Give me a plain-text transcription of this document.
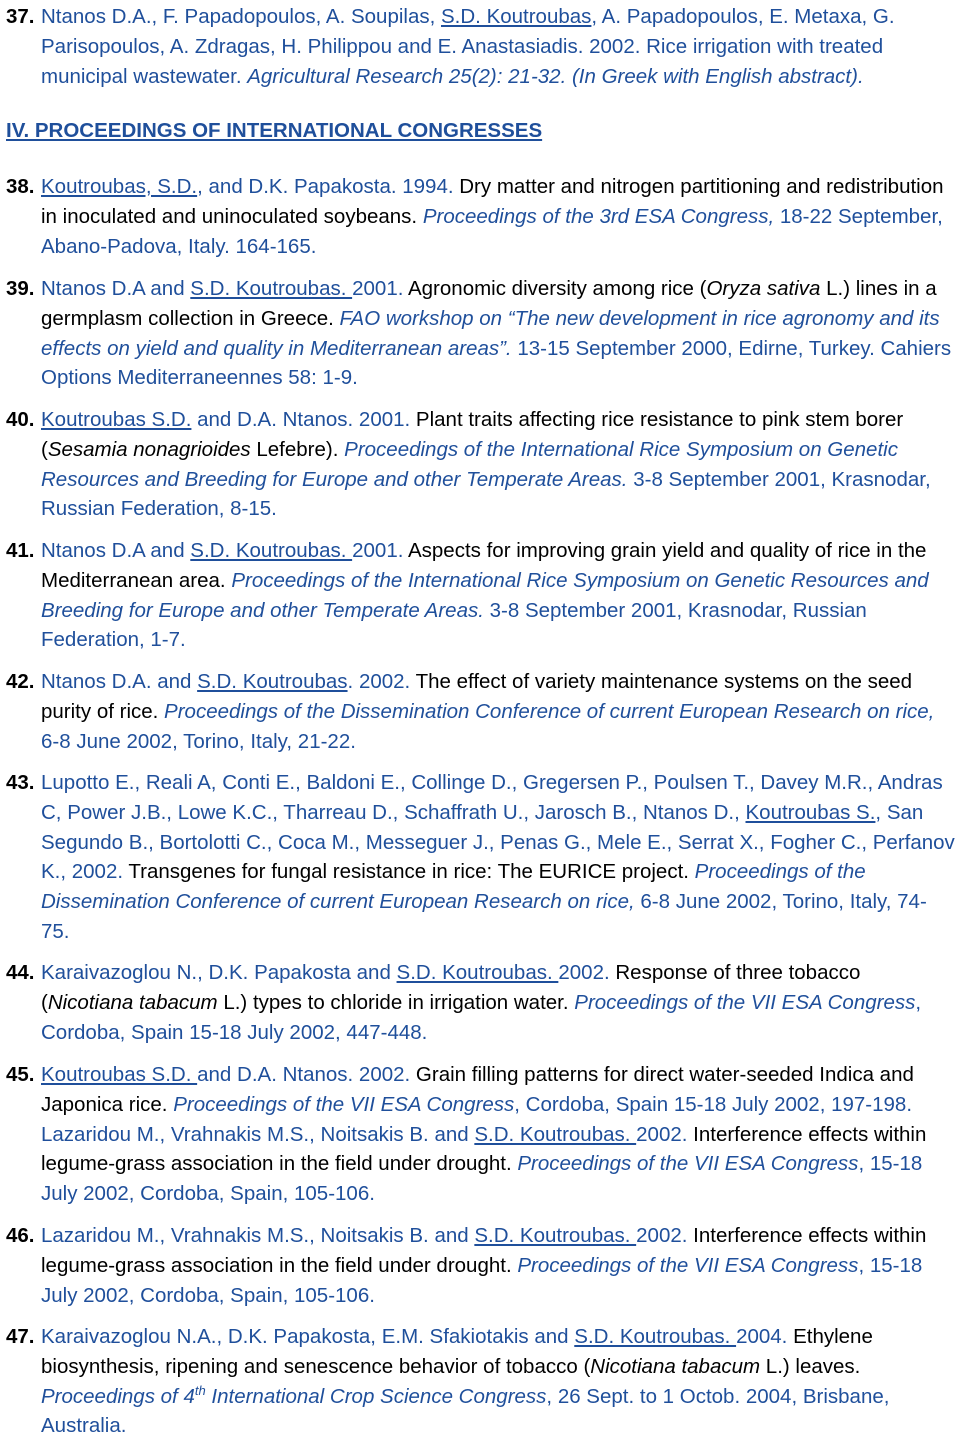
37. Ntanos D.A., F. Papadopoulos, A. Soupilas, S.D. Koutroubas, A. Papadopoulos, E. Metaxa, G. Parisopoulos, A. Zdragas, H. Philippou and E. Anastasiadis. 2002. Rice irrigation with treated municipal wastewater. Agricultural Research 25(2): 21-32. (In Greek with English abstract).
IV. PROCEEDINGS OF INTERNATIONAL CONGRESSES
38. Koutroubas, S.D., and D.K. Papakosta. 1994. Dry matter and nitrogen partitioning and redistribution in inoculated and uninoculated soybeans. Proceedings of the 3rd ESA Congress, 18-22 September, Abano-Padova, Italy. 164-165.
39. Ntanos D.A and S.D. Koutroubas. 2001. Agronomic diversity among rice (Oryza sativa L.) lines in a germplasm collection in Greece. FAO workshop on “The new development in rice agronomy and its effects on yield and quality in Mediterranean areas”. 13-15 September 2000, Edirne, Turkey. Cahiers Options Mediterraneennes 58: 1-9.
40. Koutroubas S.D. and D.A. Ntanos. 2001. Plant traits affecting rice resistance to pink stem borer (Sesamia nonagrioides Lefebre). Proceedings of the International Rice Symposium on Genetic Resources and Breeding for Europe and other Temperate Areas. 3-8 September 2001, Krasnodar, Russian Federation, 8-15.
41. Ntanos D.A and S.D. Koutroubas. 2001. Aspects for improving grain yield and quality of rice in the Mediterranean area. Proceedings of the International Rice Symposium on Genetic Resources and Breeding for Europe and other Temperate Areas. 3-8 September 2001, Krasnodar, Russian Federation, 1-7.
42. Ntanos D.A. and S.D. Koutroubas. 2002. The effect of variety maintenance systems on the seed purity of rice. Proceedings of the Dissemination Conference of current European Research on rice, 6-8 June 2002, Torino, Italy, 21-22.
43. Lupotto E., Reali A, Conti E., Baldoni E., Collinge D., Gregersen P., Poulsen T., Davey M.R., Andras C, Power J.B., Lowe K.C., Tharreau D., Schaffrath U., Jarosch B., Ntanos D., Koutroubas S., San Segundo B., Bortolotti C., Coca M., Messeguer J., Penas G., Mele E., Serrat X., Fogher C., Perfanov K., 2002. Transgenes for fungal resistance in rice: The EURICE project. Proceedings of the Dissemination Conference of current European Research on rice, 6-8 June 2002, Torino, Italy, 74-75.
44. Karaivazoglou N., D.K. Papakosta and S.D. Koutroubas. 2002. Response of three tobacco (Nicotiana tabacum L.) types to chloride in irrigation water. Proceedings of the VII ESA Congress, Cordoba, Spain 15-18 July 2002, 447-448.
45. Koutroubas S.D. and D.A. Ntanos. 2002. Grain filling patterns for direct water-seeded Indica and Japonica rice. Proceedings of the VII ESA Congress, Cordoba, Spain 15-18 July 2002, 197-198. Lazaridou M., Vrahnakis M.S., Noitsakis B. and S.D. Koutroubas. 2002. Interference effects within legume-grass association in the field under drought. Proceedings of the VII ESA Congress, 15-18 July 2002, Cordoba, Spain, 105-106.
46. Lazaridou M., Vrahnakis M.S., Noitsakis B. and S.D. Koutroubas. 2002. Interference effects within legume-grass association in the field under drought. Proceedings of the VII ESA Congress, 15-18 July 2002, Cordoba, Spain, 105-106.
47. Karaivazoglou N.A., D.K. Papakosta, E.M. Sfakiotakis and S.D. Koutroubas. 2004. Ethylene biosynthesis, ripening and senescence behavior of tobacco (Nicotiana tabacum L.) leaves. Proceedings of 4th International Crop Science Congress, 26 Sept. to 1 Octob. 2004, Brisbane, Australia.
